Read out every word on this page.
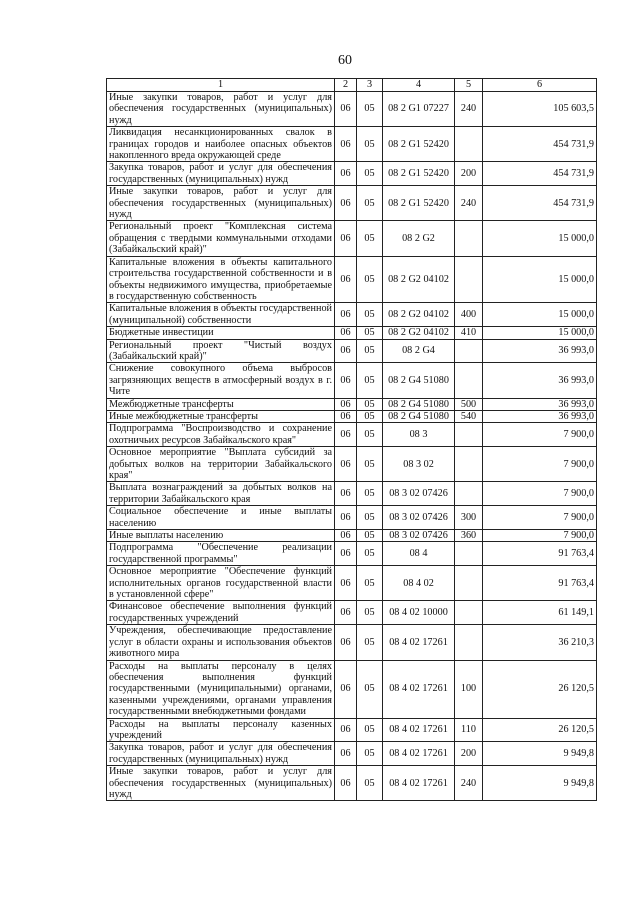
60
1	2	3	4	5	6
Иные закупки товаров, работ и услуг для обеспечения государственных (муниципальных) нужд	06	05	08 2 G1 07227	240	105 603,5
Ликвидация несанкционированных свалок в границах городов и наиболее опасных объектов накопленного вреда окружающей среде	06	05	08 2 G1 52420		454 731,9
Закупка товаров, работ и услуг для обеспечения государственных (муниципальных) нужд	06	05	08 2 G1 52420	200	454 731,9
Иные закупки товаров, работ и услуг для обеспечения государственных (муниципальных) нужд	06	05	08 2 G1 52420	240	454 731,9
Региональный проект "Комплексная система обращения с твердыми коммунальными отходами (Забайкальский край)"	06	05	08 2 G2		15 000,0
Капитальные вложения в объекты капитального строительства государственной собственности и в объекты недвижимого имущества, приобретаемые в государственную собственность	06	05	08 2 G2 04102		15 000,0
Капитальные вложения в объекты государственной (муниципальной) собственности	06	05	08 2 G2 04102	400	15 000,0
Бюджетные инвестиции	06	05	08 2 G2 04102	410	15 000,0
Региональный проект "Чистый воздух (Забайкальский край)"	06	05	08 2 G4		36 993,0
Снижение совокупного объема выбросов загрязняющих веществ в атмосферный воздух в г. Чите	06	05	08 2 G4 51080		36 993,0
Межбюджетные трансферты	06	05	08 2 G4 51080	500	36 993,0
Иные межбюджетные трансферты	06	05	08 2 G4 51080	540	36 993,0
Подпрограмма "Воспроизводство и сохранение охотничьих ресурсов Забайкальского края"	06	05	08 3		7 900,0
Основное мероприятие "Выплата субсидий за добытых волков на территории Забайкальского края"	06	05	08 3 02		7 900,0
Выплата вознаграждений за добытых волков на территории Забайкальского края	06	05	08 3 02 07426		7 900,0
Социальное обеспечение и иные выплаты населению	06	05	08 3 02 07426	300	7 900,0
Иные выплаты населению	06	05	08 3 02 07426	360	7 900,0
Подпрограмма "Обеспечение реализации государственной программы"	06	05	08 4		91 763,4
Основное мероприятие "Обеспечение функций исполнительных органов государственной власти в установленной сфере"	06	05	08 4 02		91 763,4
Финансовое обеспечение выполнения функций государственных учреждений	06	05	08 4 02 10000		61 149,1
Учреждения, обеспечивающие предоставление услуг в области охраны и использования объектов животного мира	06	05	08 4 02 17261		36 210,3
Расходы на выплаты персоналу в целях обеспечения выполнения функций государственными (муниципальными) органами, казенными учреждениями, органами управления государственными внебюджетными фондами	06	05	08 4 02 17261	100	26 120,5
Расходы на выплаты персоналу казенных учреждений	06	05	08 4 02 17261	110	26 120,5
Закупка товаров, работ и услуг для обеспечения государственных (муниципальных) нужд	06	05	08 4 02 17261	200	9 949,8
Иные закупки товаров, работ и услуг для обеспечения государственных (муниципальных) нужд	06	05	08 4 02 17261	240	9 949,8
